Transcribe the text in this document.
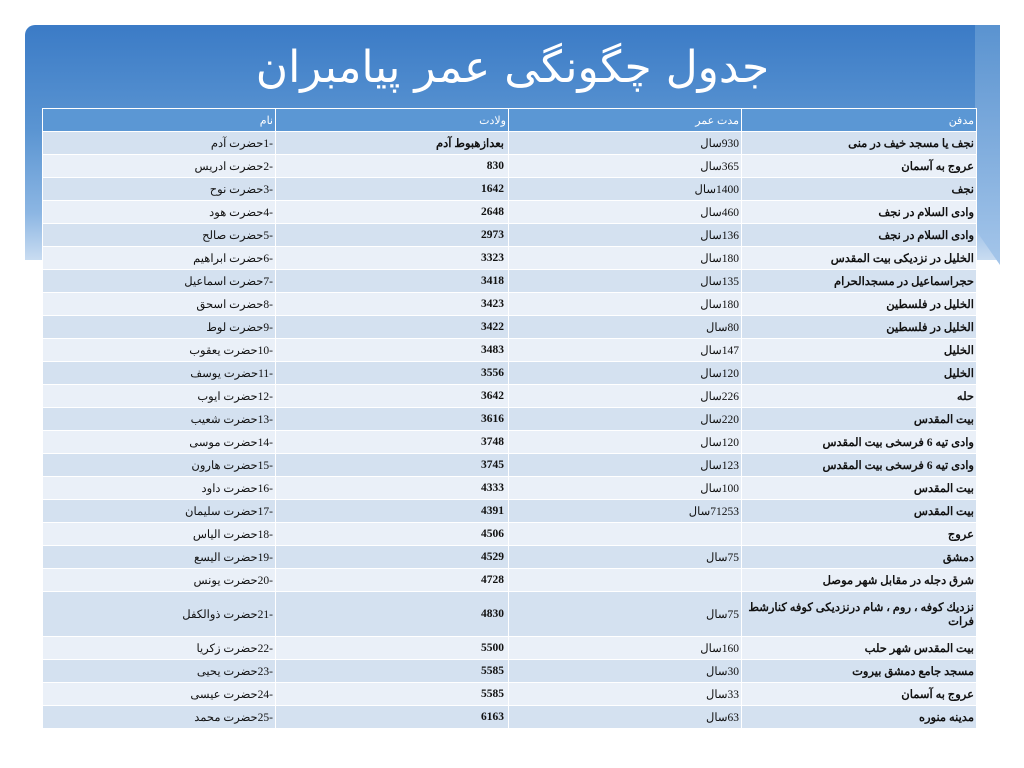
جدول چگونگی عمر پیامبران
نام	ولادت	مدت عمر	مدفن
-1حضرت آدم	بعدازهبوط آدم	930سال	نجف یا مسجد خیف در منی
-2حضرت ادریس	830	365سال	عروج به آسمان
-3حضرت نوح	1642	1400سال	نجف
-4حضرت هود	2648	460سال	وادی السلام در نجف
-5حضرت صالح	2973	136سال	وادی السلام در نجف
-6حضرت ابراهیم	3323	180سال	الخلیل در نزدیکی بیت المقدس
-7حضرت اسماعیل	3418	135سال	حجراسماعیل در مسجدالحرام
-8حضرت اسحق	3423	180سال	الخلیل در فلسطین
-9حضرت لوط	3422	80سال	الخلیل در فلسطین
-10حضرت یعقوب	3483	147سال	الخلیل
-11حضرت یوسف	3556	120سال	الخلیل
-12حضرت ایوب	3642	226سال	حله
-13حضرت شعیب	3616	220سال	بیت المقدس
-14حضرت موسی	3748	120سال	وادی تیه 6 فرسخی بیت المقدس
-15حضرت هارون	3745	123سال	وادی تیه 6 فرسخی بیت المقدس
-16حضرت داود	4333	100سال	بیت المقدس
-17حضرت سلیمان	4391	71253سال	بیت المقدس
-18حضرت الیاس	4506		عروج
-19حضرت الیسع	4529	75سال	دمشق
-20حضرت یونس	4728		شرق دجله در مقابل شهر موصل
-21حضرت ذوالکفل	4830	75سال	نزدیك كوفه ، روم ، شام درنزدیکی کوفه کنارشط فرات
-22حضرت زکریا	5500	160سال	بیت المقدس شهر حلب
-23حضرت یحیی	5585	30سال	مسجد جامع دمشق بیروت
-24حضرت عیسی	5585	33سال	عروج به آسمان
-25حضرت محمد	6163	63سال	مدینه منوره
